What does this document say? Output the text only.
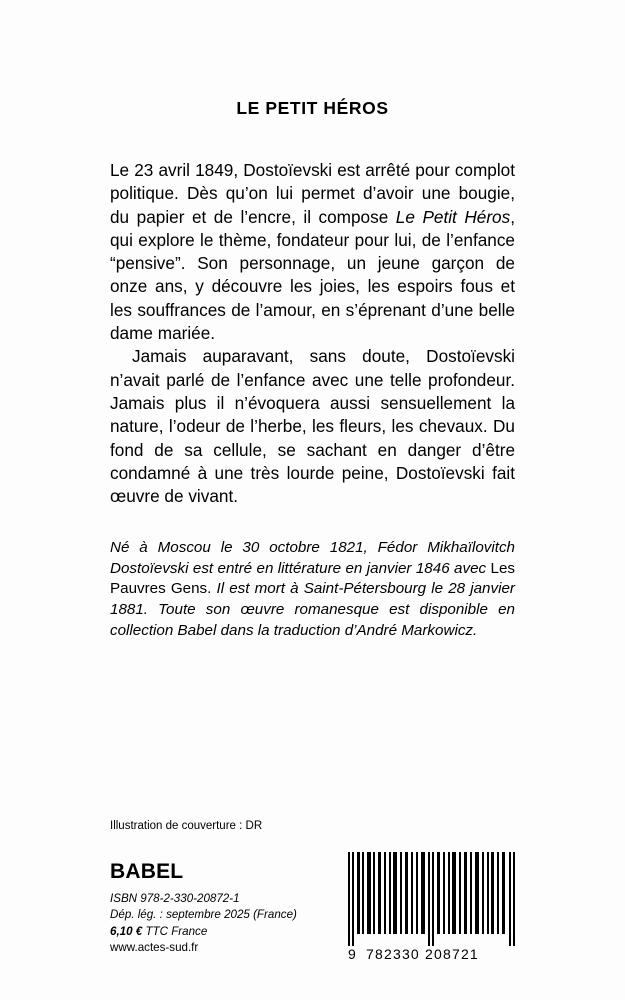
LE PETIT HÉROS

Le 23 avril 1849, Dostoïevski est arrêté pour complot politique. Dès qu’on lui permet d’avoir une bougie, du papier et de l’encre, il compose Le Petit Héros, qui explore le thème, fondateur pour lui, de l’enfance “pensive”. Son personnage, un jeune garçon de onze ans, y découvre les joies, les espoirs fous et les souffrances de l’amour, en s’éprenant d’une belle dame mariée.

Jamais auparavant, sans doute, Dostoïevski n’avait parlé de l’enfance avec une telle profondeur. Jamais plus il n’évoquera aussi sensuellement la nature, l’odeur de l’herbe, les fleurs, les chevaux. Du fond de sa cellule, se sachant en danger d’être condamné à une très lourde peine, Dostoïevski fait œuvre de vivant.

Né à Moscou le 30 octobre 1821, Fédor Mikhaïlovitch Dostoïevski est entré en littérature en janvier 1846 avec Les Pauvres Gens. Il est mort à Saint-Pétersbourg le 28 janvier 1881. Toute son œuvre romanesque est disponible en collection Babel dans la traduction d’André Markowicz.

Illustration de couverture : DR

BABEL
ISBN 978-2-330-20872-1
Dép. lég. : septembre 2025 (France)
6,10 € TTC France
www.actes-sud.fr	9 782330 208721
